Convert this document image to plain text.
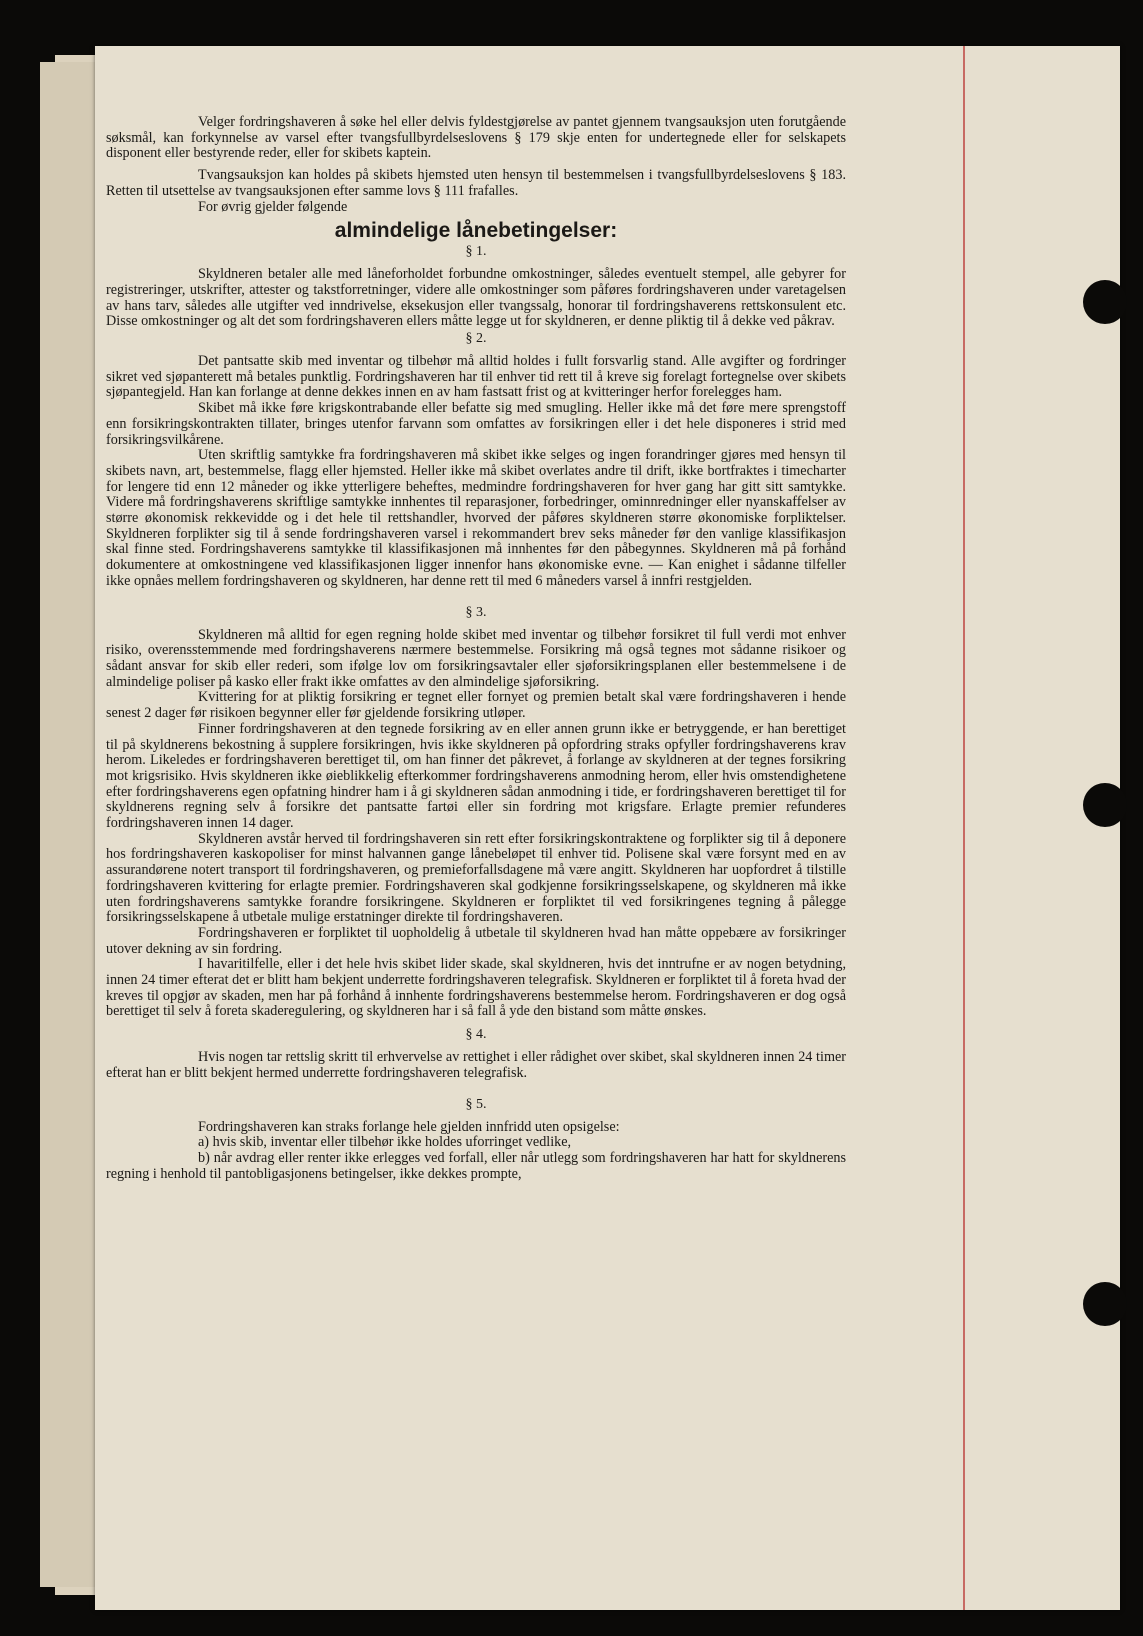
Velger fordringshaveren å søke hel eller delvis fyldestgjørelse av pantet gjennem tvangsauksjon uten forutgående søksmål, kan forkynnelse av varsel efter tvangsfullbyrdelseslovens § 179 skje enten for undertegnede eller for selskapets disponent eller bestyrende reder, eller for skibets kaptein.

Tvangsauksjon kan holdes på skibets hjemsted uten hensyn til bestemmelsen i tvangsfullbyrdelseslovens § 183. Retten til utsettelse av tvangsauksjonen efter samme lovs § 111 frafalles.

For øvrig gjelder følgende

almindelige lånebetingelser:

§ 1.

Skyldneren betaler alle med låneforholdet forbundne omkostninger, således eventuelt stempel, alle gebyrer for registreringer, utskrifter, attester og takstforretninger, videre alle omkostninger som påføres fordringshaveren under varetagelsen av hans tarv, således alle utgifter ved inndrivelse, eksekusjon eller tvangssalg, honorar til fordringshaverens rettskonsulent etc. Disse omkostninger og alt det som fordringshaveren ellers måtte legge ut for skyldneren, er denne pliktig til å dekke ved påkrav.

§ 2.

Det pantsatte skib med inventar og tilbehør må alltid holdes i fullt forsvarlig stand. Alle avgifter og fordringer sikret ved sjøpanterett må betales punktlig. Fordringshaveren har til enhver tid rett til å kreve sig forelagt fortegnelse over skibets sjøpantegjeld. Han kan forlange at denne dekkes innen en av ham fastsatt frist og at kvitteringer herfor forelegges ham.

Skibet må ikke føre krigskontrabande eller befatte sig med smugling. Heller ikke må det føre mere sprengstoff enn forsikringskontrakten tillater, bringes utenfor farvann som omfattes av forsikringen eller i det hele disponeres i strid med forsikringsvilkårene.

Uten skriftlig samtykke fra fordringshaveren må skibet ikke selges og ingen forandringer gjøres med hensyn til skibets navn, art, bestemmelse, flagg eller hjemsted. Heller ikke må skibet overlates andre til drift, ikke bortfraktes i timecharter for lengere tid enn 12 måneder og ikke ytterligere beheftes, medmindre fordringshaveren for hver gang har gitt sitt samtykke. Videre må fordringshaverens skriftlige samtykke innhentes til reparasjoner, forbedringer, ominnredninger eller nyanskaffelser av større økonomisk rekkevidde og i det hele til rettshandler, hvorved der påføres skyldneren større økonomiske forpliktelser. Skyldneren forplikter sig til å sende fordringshaveren varsel i rekommandert brev seks måneder før den vanlige klassifikasjon skal finne sted. Fordringshaverens samtykke til klassifikasjonen må innhentes før den påbegynnes. Skyldneren må på forhånd dokumentere at omkostningene ved klassifikasjonen ligger innenfor hans økonomiske evne. — Kan enighet i sådanne tilfeller ikke opnåes mellem fordringshaveren og skyldneren, har denne rett til med 6 måneders varsel å innfri restgjelden.

§ 3.

Skyldneren må alltid for egen regning holde skibet med inventar og tilbehør forsikret til full verdi mot enhver risiko, overensstemmende med fordringshaverens nærmere bestemmelse. Forsikring må også tegnes mot sådanne risikoer og sådant ansvar for skib eller rederi, som ifølge lov om forsikringsavtaler eller sjøforsikringsplanen eller bestemmelsene i de almindelige poliser på kasko eller frakt ikke omfattes av den almindelige sjøforsikring.

Kvittering for at pliktig forsikring er tegnet eller fornyet og premien betalt skal være fordringshaveren i hende senest 2 dager før risikoen begynner eller før gjeldende forsikring utløper.

Finner fordringshaveren at den tegnede forsikring av en eller annen grunn ikke er betryggende, er han berettiget til på skyldnerens bekostning å supplere forsikringen, hvis ikke skyldneren på opfordring straks opfyller fordringshaverens krav herom. Likeledes er fordringshaveren berettiget til, om han finner det påkrevet, å forlange av skyldneren at der tegnes forsikring mot krigsrisiko. Hvis skyldneren ikke øieblikkelig efterkommer fordringshaverens anmodning herom, eller hvis omstendighetene efter fordringshaverens egen opfatning hindrer ham i å gi skyldneren sådan anmodning i tide, er fordringshaveren berettiget til for skyldnerens regning selv å forsikre det pantsatte fartøi eller sin fordring mot krigsfare. Erlagte premier refunderes fordringshaveren innen 14 dager.

Skyldneren avstår herved til fordringshaveren sin rett efter forsikringskontraktene og forplikter sig til å deponere hos fordringshaveren kaskopoliser for minst halvannen gange lånebeløpet til enhver tid. Polisene skal være forsynt med en av assurandørene notert transport til fordringshaveren, og premieforfallsdagene må være angitt. Skyldneren har uopfordret å tilstille fordringshaveren kvittering for erlagte premier. Fordringshaveren skal godkjenne forsikringsselskapene, og skyldneren må ikke uten fordringshaverens samtykke forandre forsikringene. Skyldneren er forpliktet til ved forsikringenes tegning å pålegge forsikringsselskapene å utbetale mulige erstatninger direkte til fordringshaveren.

Fordringshaveren er forpliktet til uopholdelig å utbetale til skyldneren hvad han måtte oppebære av forsikringer utover dekning av sin fordring.

I havaritilfelle, eller i det hele hvis skibet lider skade, skal skyldneren, hvis det inntrufne er av nogen betydning, innen 24 timer efterat det er blitt ham bekjent underrette fordringshaveren telegrafisk. Skyldneren er forpliktet til å foreta hvad der kreves til opgjør av skaden, men har på forhånd å innhente fordringshaverens bestemmelse herom. Fordringshaveren er dog også berettiget til selv å foreta skaderegulering, og skyldneren har i så fall å yde den bistand som måtte ønskes.

§ 4.

Hvis nogen tar rettslig skritt til erhvervelse av rettighet i eller rådighet over skibet, skal skyldneren innen 24 timer efterat han er blitt bekjent hermed underrette fordringshaveren telegrafisk.

§ 5.

Fordringshaveren kan straks forlange hele gjelden innfridd uten opsigelse:

a) hvis skib, inventar eller tilbehør ikke holdes uforringet vedlike,

b) når avdrag eller renter ikke erlegges ved forfall, eller når utlegg som fordringshaveren har hatt for skyldnerens regning i henhold til pantobligasjonens betingelser, ikke dekkes prompte,
